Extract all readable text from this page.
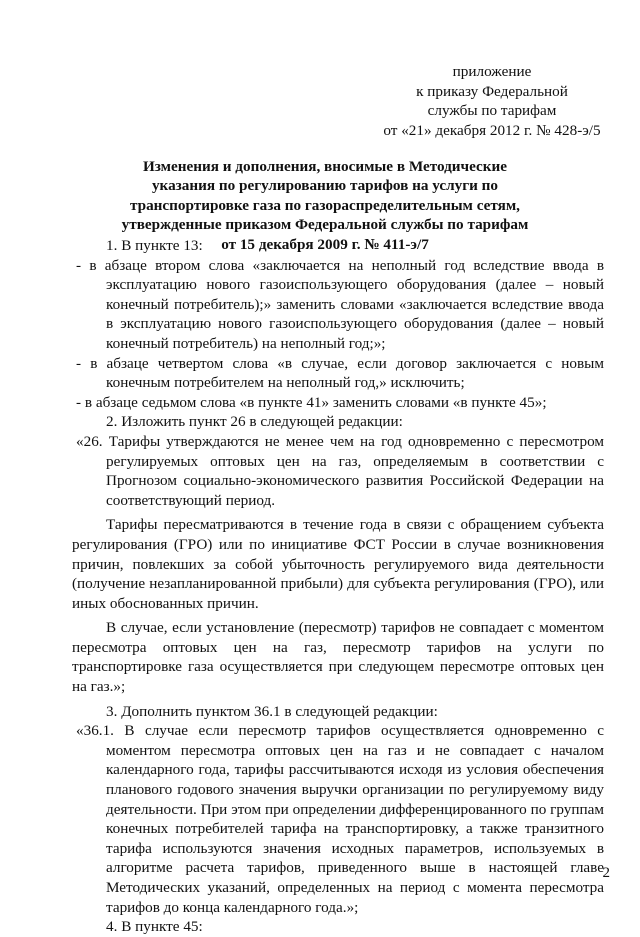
приложение
к приказу Федеральной
службы по тарифам
от «21» декабря 2012 г. № 428-э/5
Изменения и дополнения, вносимые в Методические указания по регулированию тарифов на услуги по транспортировке газа по газораспределительным сетям, утвержденные приказом Федеральной службы по тарифам от 15 декабря 2009 г. № 411-э/7

1. В пункте 13:

- в абзаце втором слова «заключается на неполный год вследствие ввода в эксплуатацию нового газоиспользующего оборудования (далее – новый конечный потребитель);» заменить словами «заключается вследствие ввода в эксплуатацию нового газоиспользующего оборудования (далее – новый конечный потребитель) на неполный год;»;

- в абзаце четвертом слова «в случае, если договор заключается с новым конечным потребителем на неполный год,» исключить;

- в абзаце седьмом слова «в пункте 41» заменить словами «в пункте 45»;

2. Изложить пункт 26 в следующей редакции:

«26. Тарифы утверждаются не менее чем на год одновременно с пересмотром регулируемых оптовых цен на газ, определяемым в соответствии с Прогнозом социально-экономического развития Российской Федерации на соответствующий период.

Тарифы пересматриваются в течение года в связи с обращением субъекта регулирования (ГРО) или по инициативе ФСТ России в случае возникновения причин, повлекших за собой убыточность регулируемого вида деятельности (получение незапланированной прибыли) для субъекта регулирования (ГРО), или иных обоснованных причин.

В случае, если установление (пересмотр) тарифов не совпадает с моментом пересмотра оптовых цен на газ, пересмотр тарифов на услуги по транспортировке газа осуществляется при следующем пересмотре оптовых цен на газ.»;

3. Дополнить пунктом 36.1 в следующей редакции:

«36.1. В случае если пересмотр тарифов осуществляется одновременно с моментом пересмотра оптовых цен на газ и не совпадает с началом календарного года, тарифы рассчитываются исходя из условия обеспечения планового годового значения выручки организации по регулируемому виду деятельности. При этом при определении дифференцированного по группам конечных потребителей тарифа на транспортировку, а также транзитного тарифа используются значения исходных параметров, используемых в алгоритме расчета тарифов, приведенного выше в настоящей главе Методических указаний, определенных на период с момента пересмотра тарифов до конца календарного года.»;

4. В пункте 45:

2
